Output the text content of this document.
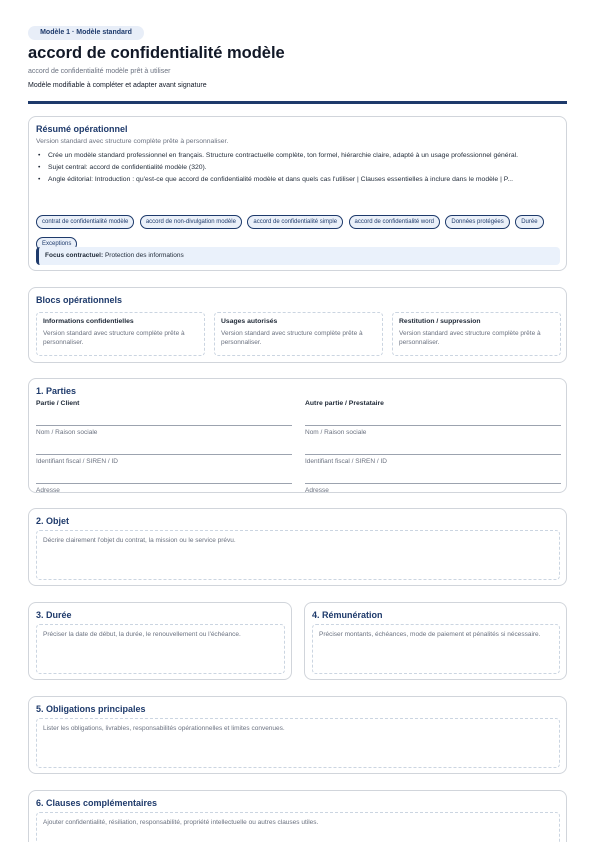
Modèle 1 · Modèle standard
accord de confidentialité modèle
accord de confidentialité modèle prêt à utiliser
Modèle modifiable à compléter et adapter avant signature
Résumé opérationnel
Version standard avec structure complète prête à personnaliser.
• Crée un modèle standard professionnel en français. Structure contractuelle complète, ton formel, hiérarchie claire, adapté à un usage professionnel général.
• Sujet central: accord de confidentialité modèle (320).
• Angle éditorial: Introduction : qu'est-ce que accord de confidentialité modèle et dans quels cas l'utiliser | Clauses essentielles à inclure dans le modèle | P...
contrat de confidentialité modèle	accord de non-divulgation modèle	accord de confidentialité simple	accord de confidentialité word	Données protégées	Durée Exceptions
Focus contractuel: Protection des informations
Blocs opérationnels
Informations confidentielles
Version standard avec structure complète prête à personnaliser.
Usages autorisés
Version standard avec structure complète prête à personnaliser.
Restitution / suppression
Version standard avec structure complète prête à personnaliser.
1. Parties
Partie / Client
Nom / Raison sociale
Identifiant fiscal / SIREN / ID
Adresse
Autre partie / Prestataire
Nom / Raison sociale
Identifiant fiscal / SIREN / ID
Adresse
2. Objet
Décrire clairement l'objet du contrat, la mission ou le service prévu.
3. Durée
Préciser la date de début, la durée, le renouvellement ou l'échéance.
4. Rémunération
Préciser montants, échéances, mode de paiement et pénalités si nécessaire.
5. Obligations principales
Lister les obligations, livrables, responsabilités opérationnelles et limites convenues.
6. Clauses complémentaires
Ajouter confidentialité, résiliation, responsabilité, propriété intellectuelle ou autres clauses utiles.
